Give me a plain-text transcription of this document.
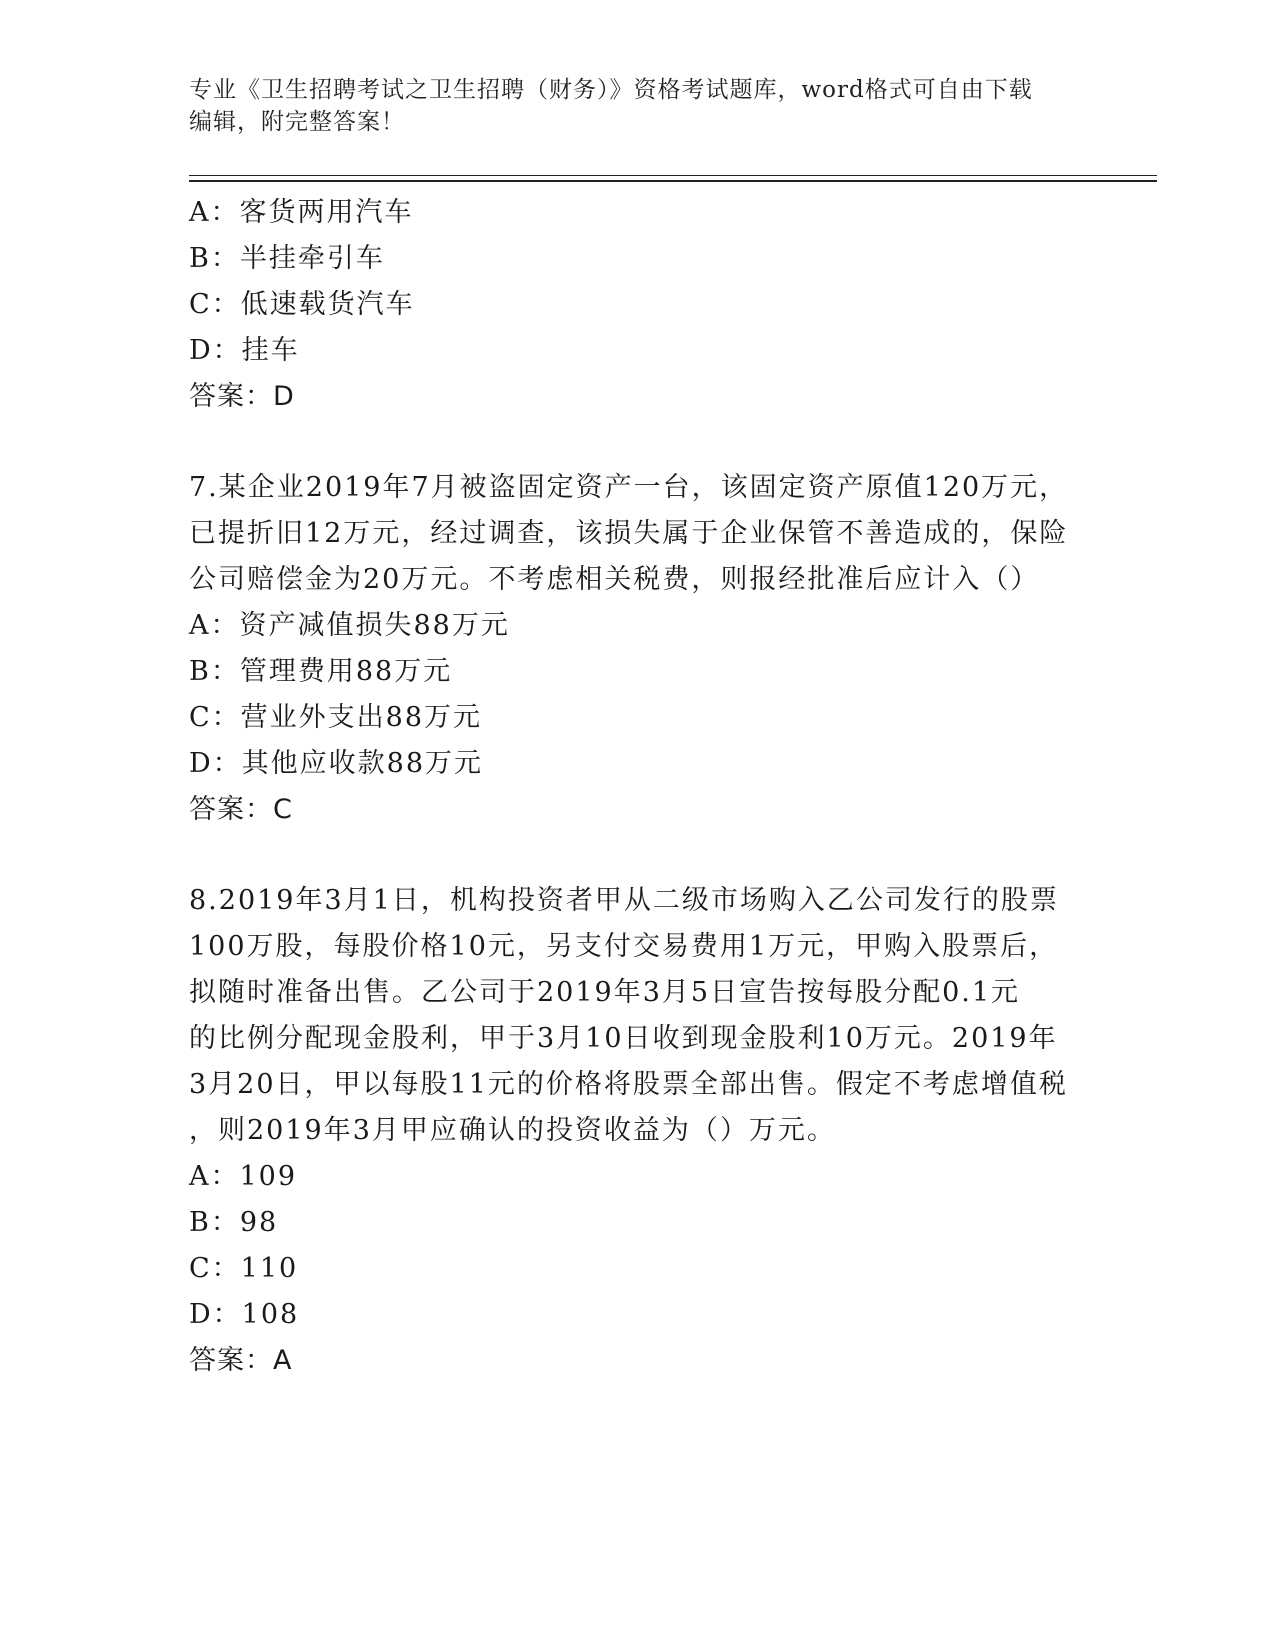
专业《卫生招聘考试之卫生招聘（财务）》资格考试题库，word格式可自由下载
编辑，附完整答案！
A：客货两用汽车
B：半挂牵引车
C：低速载货汽车
D：挂车
答案：D
7.某企业2019年7月被盗固定资产一台，该固定资产原值120万元，
已提折旧12万元，经过调查，该损失属于企业保管不善造成的，保险
公司赔偿金为20万元。不考虑相关税费，则报经批准后应计入（）
A：资产减值损失88万元
B：管理费用88万元
C：营业外支出88万元
D：其他应收款88万元
答案：C
8.2019年3月1日，机构投资者甲从二级市场购入乙公司发行的股票
100万股，每股价格10元，另支付交易费用1万元，甲购入股票后，
拟随时准备出售。乙公司于2019年3月5日宣告按每股分配0.1元
的比例分配现金股利，甲于3月10日收到现金股利10万元。2019年
3月20日，甲以每股11元的价格将股票全部出售。假定不考虑增值税
，则2019年3月甲应确认的投资收益为（）万元。
A：109
B：98
C：110
D：108
答案：A
